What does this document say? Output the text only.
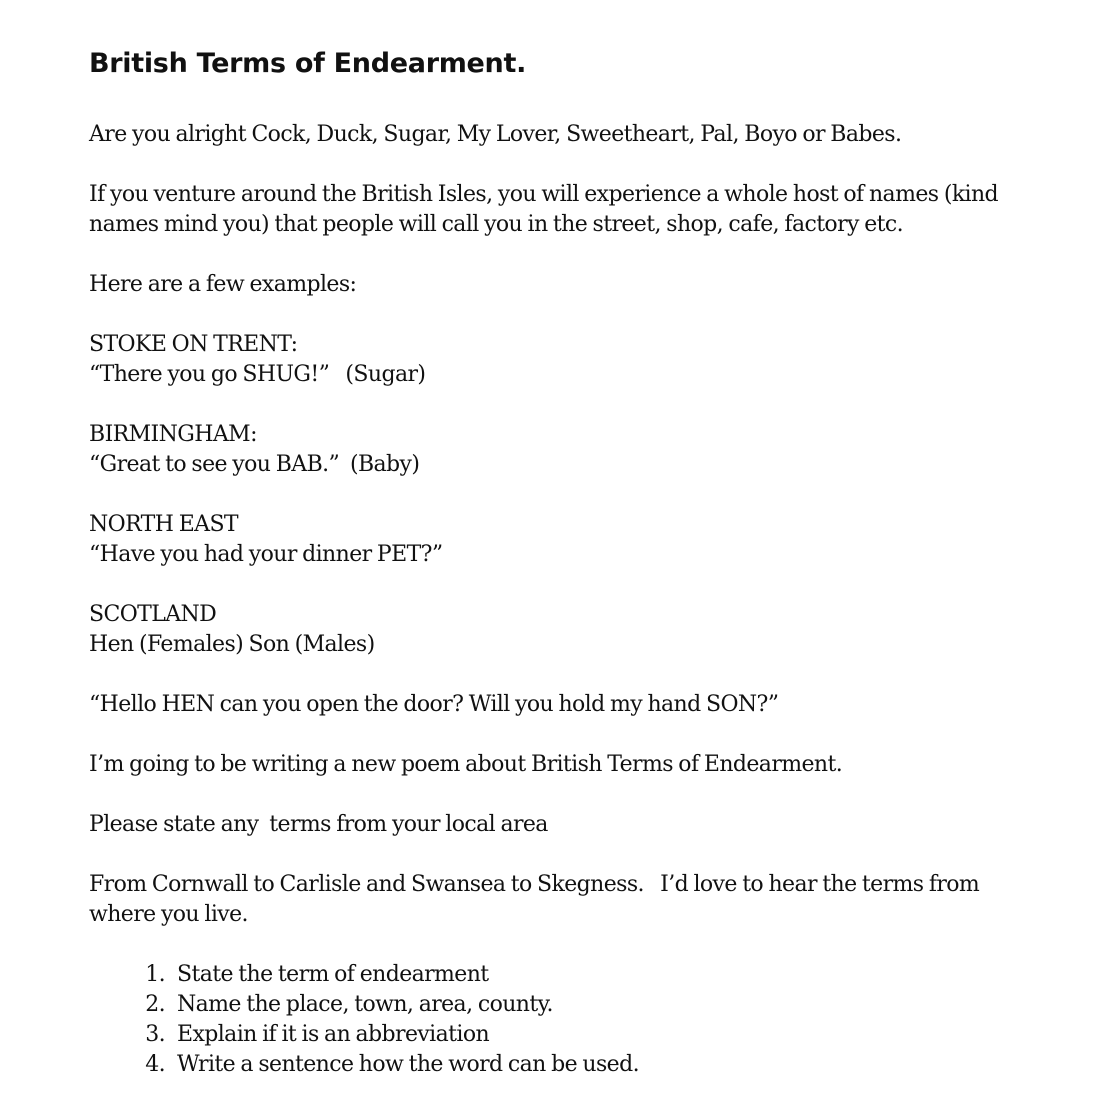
British Terms of Endearment.

Are you alright Cock, Duck, Sugar, My Lover, Sweetheart, Pal, Boyo or Babes.

If you venture around the British Isles, you will experience a whole host of names (kind names mind you) that people will call you in the street, shop, cafe, factory etc.

Here are a few examples:

STOKE ON TRENT:

“There you go SHUG!”   (Sugar)

BIRMINGHAM:

“Great to see you BAB.”  (Baby)

NORTH EAST

“Have you had your dinner PET?”

SCOTLAND

Hen (Females) Son (Males)

“Hello HEN can you open the door? Will you hold my hand SON?”

I’m going to be writing a new poem about British Terms of Endearment.

Please state any  terms from your local area

From Cornwall to Carlisle and Swansea to Skegness.   I’d love to hear the terms from where you live.

1. State the term of endearment
2. Name the place, town, area, county.
3. Explain if it is an abbreviation
4. Write a sentence how the word can be used.
